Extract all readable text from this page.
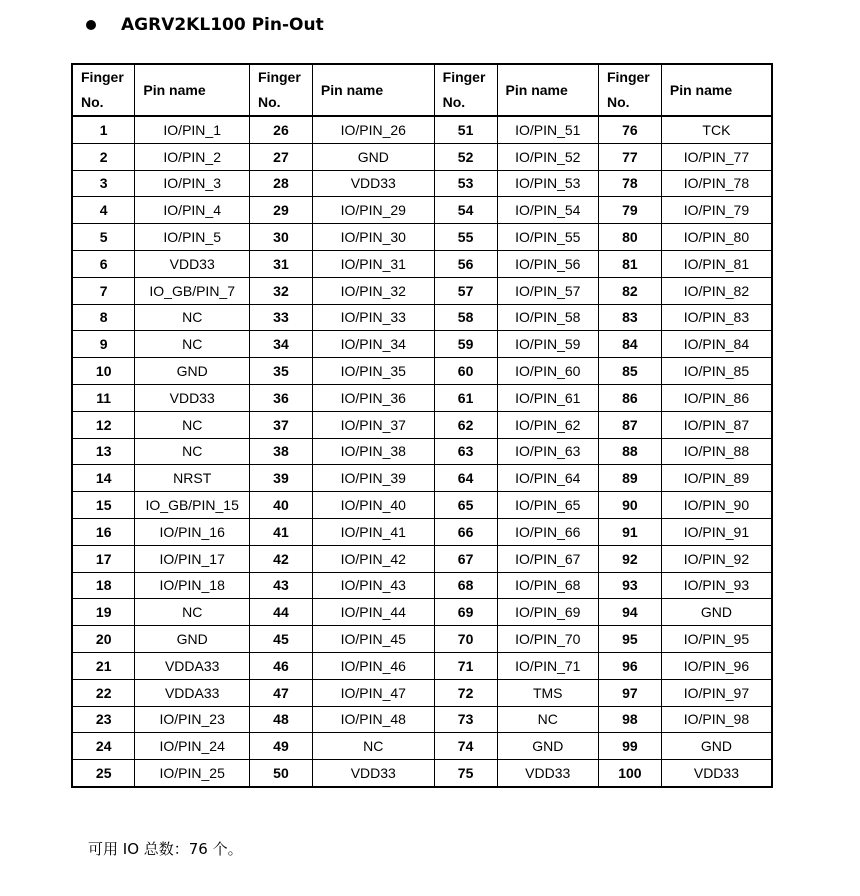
AGRV2KL100 Pin-Out
Finger No.	Pin name	Finger No.	Pin name	Finger No.	Pin name	Finger No.	Pin name
1	IO/PIN_1	26	IO/PIN_26	51	IO/PIN_51	76	TCK
2	IO/PIN_2	27	GND	52	IO/PIN_52	77	IO/PIN_77
3	IO/PIN_3	28	VDD33	53	IO/PIN_53	78	IO/PIN_78
4	IO/PIN_4	29	IO/PIN_29	54	IO/PIN_54	79	IO/PIN_79
5	IO/PIN_5	30	IO/PIN_30	55	IO/PIN_55	80	IO/PIN_80
6	VDD33	31	IO/PIN_31	56	IO/PIN_56	81	IO/PIN_81
7	IO_GB/PIN_7	32	IO/PIN_32	57	IO/PIN_57	82	IO/PIN_82
8	NC	33	IO/PIN_33	58	IO/PIN_58	83	IO/PIN_83
9	NC	34	IO/PIN_34	59	IO/PIN_59	84	IO/PIN_84
10	GND	35	IO/PIN_35	60	IO/PIN_60	85	IO/PIN_85
11	VDD33	36	IO/PIN_36	61	IO/PIN_61	86	IO/PIN_86
12	NC	37	IO/PIN_37	62	IO/PIN_62	87	IO/PIN_87
13	NC	38	IO/PIN_38	63	IO/PIN_63	88	IO/PIN_88
14	NRST	39	IO/PIN_39	64	IO/PIN_64	89	IO/PIN_89
15	IO_GB/PIN_15	40	IO/PIN_40	65	IO/PIN_65	90	IO/PIN_90
16	IO/PIN_16	41	IO/PIN_41	66	IO/PIN_66	91	IO/PIN_91
17	IO/PIN_17	42	IO/PIN_42	67	IO/PIN_67	92	IO/PIN_92
18	IO/PIN_18	43	IO/PIN_43	68	IO/PIN_68	93	IO/PIN_93
19	NC	44	IO/PIN_44	69	IO/PIN_69	94	GND
20	GND	45	IO/PIN_45	70	IO/PIN_70	95	IO/PIN_95
21	VDDA33	46	IO/PIN_46	71	IO/PIN_71	96	IO/PIN_96
22	VDDA33	47	IO/PIN_47	72	TMS	97	IO/PIN_97
23	IO/PIN_23	48	IO/PIN_48	73	NC	98	IO/PIN_98
24	IO/PIN_24	49	NC	74	GND	99	GND
25	IO/PIN_25	50	VDD33	75	VDD33	100	VDD33
可用 IO 总数：76 个。
